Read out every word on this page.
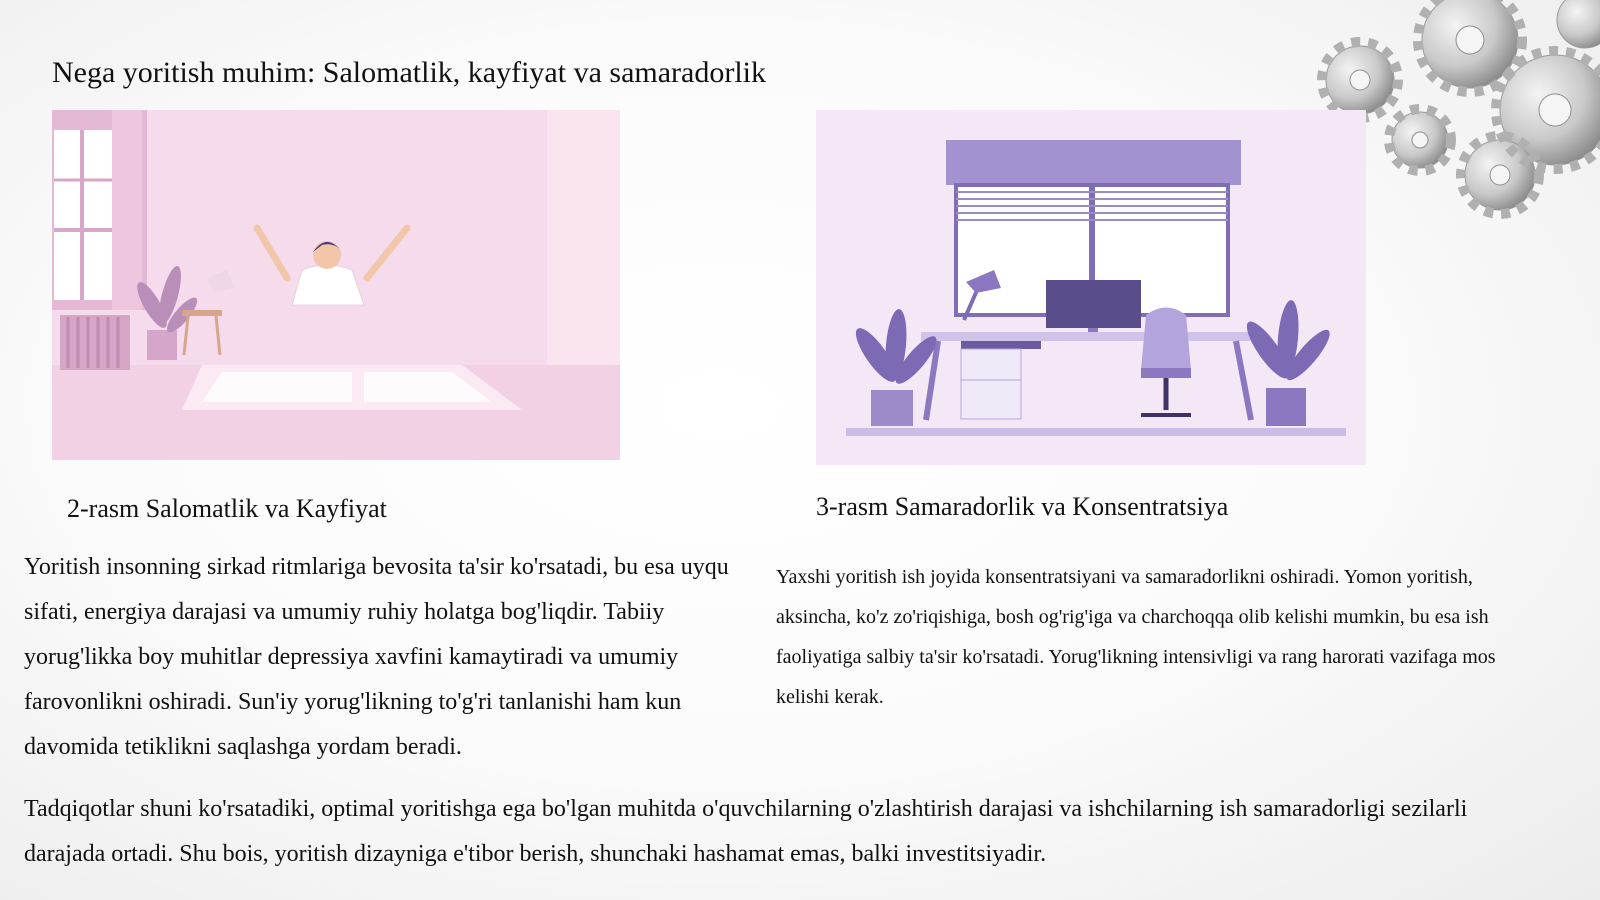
Nega yoritish muhim: Salomatlik, kayfiyat va samaradorlik
2-rasm Salomatlik va Kayfiyat	3-rasm Samaradorlik va Konsentratsiya
Yoritish insonning sirkad ritmlariga bevosita ta'sir ko'rsatadi, bu esa uyqu sifati, energiya darajasi va umumiy ruhiy holatga bog'liqdir. Tabiiy yorug'likka boy muhitlar depressiya xavfini kamaytiradi va umumiy farovonlikni oshiradi. Sun'iy yorug'likning to'g'ri tanlanishi ham kun davomida tetiklikni saqlashga yordam beradi.
Yaxshi yoritish ish joyida konsentratsiyani va samaradorlikni oshiradi. Yomon yoritish, aksincha, ko'z zo'riqishiga, bosh og'rig'iga va charchoqqa olib kelishi mumkin, bu esa ish faoliyatiga salbiy ta'sir ko'rsatadi. Yorug'likning intensivligi va rang harorati vazifaga mos kelishi kerak.
Tadqiqotlar shuni ko'rsatadiki, optimal yoritishga ega bo'lgan muhitda o'quvchilarning o'zlashtirish darajasi va ishchilarning ish samaradorligi sezilarli darajada ortadi. Shu bois, yoritish dizayniga e'tibor berish, shunchaki hashamat emas, balki investitsiyadir.
